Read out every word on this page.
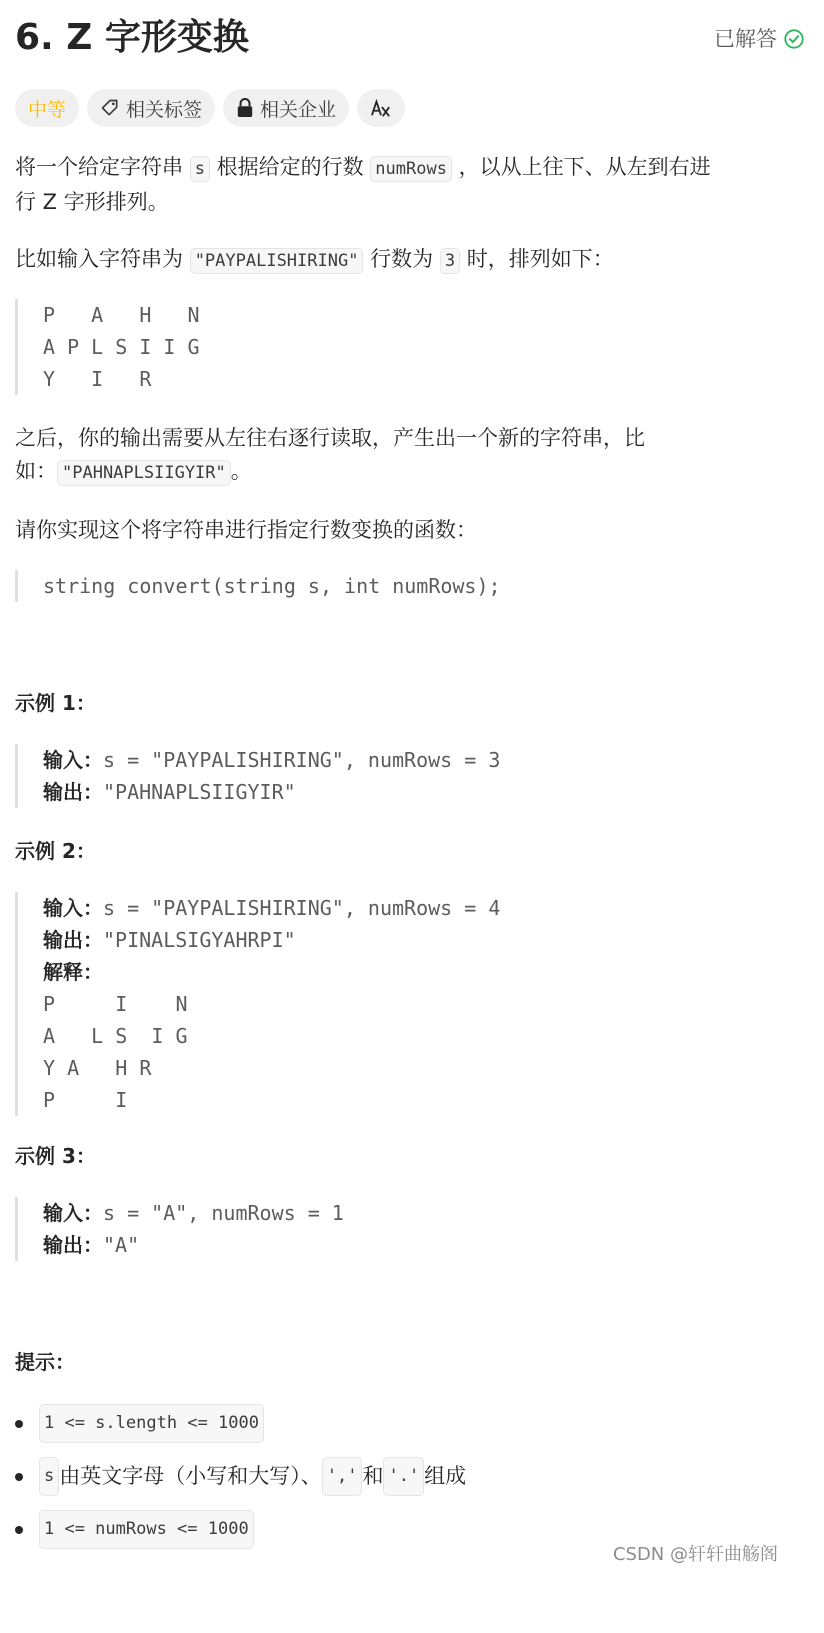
6. Z 字形变换	已解答
中等	相关标签	相关企业
将一个给定字符串 s 根据给定的行数 numRows ，以从上往下、从左到右进
行 Z 字形排列。
比如输入字符串为 "PAYPALISHIRING" 行数为 3 时，排列如下：
P   A   H   N
A P L S I I G
Y   I   R
之后，你的输出需要从左往右逐行读取，产生出一个新的字符串，比
如： "PAHNAPLSIIGYIR" 。
请你实现这个将字符串进行指定行数变换的函数：
string convert(string s, int numRows);
示例 1：
输入：s = "PAYPALISHIRING", numRows = 3
输出："PAHNAPLSIIGYIR"
示例 2：
输入：s = "PAYPALISHIRING", numRows = 4
输出："PINALSIGYAHRPI"
解释：
P     I    N
A   L S  I G
Y A   H R
P     I
示例 3：
输入：s = "A", numRows = 1
输出："A"
提示：
1 <= s.length <= 1000
s 由英文字母（小写和大写）、 ',' 和 '.' 组成
1 <= numRows <= 1000
CSDN @轩轩曲觞阁
